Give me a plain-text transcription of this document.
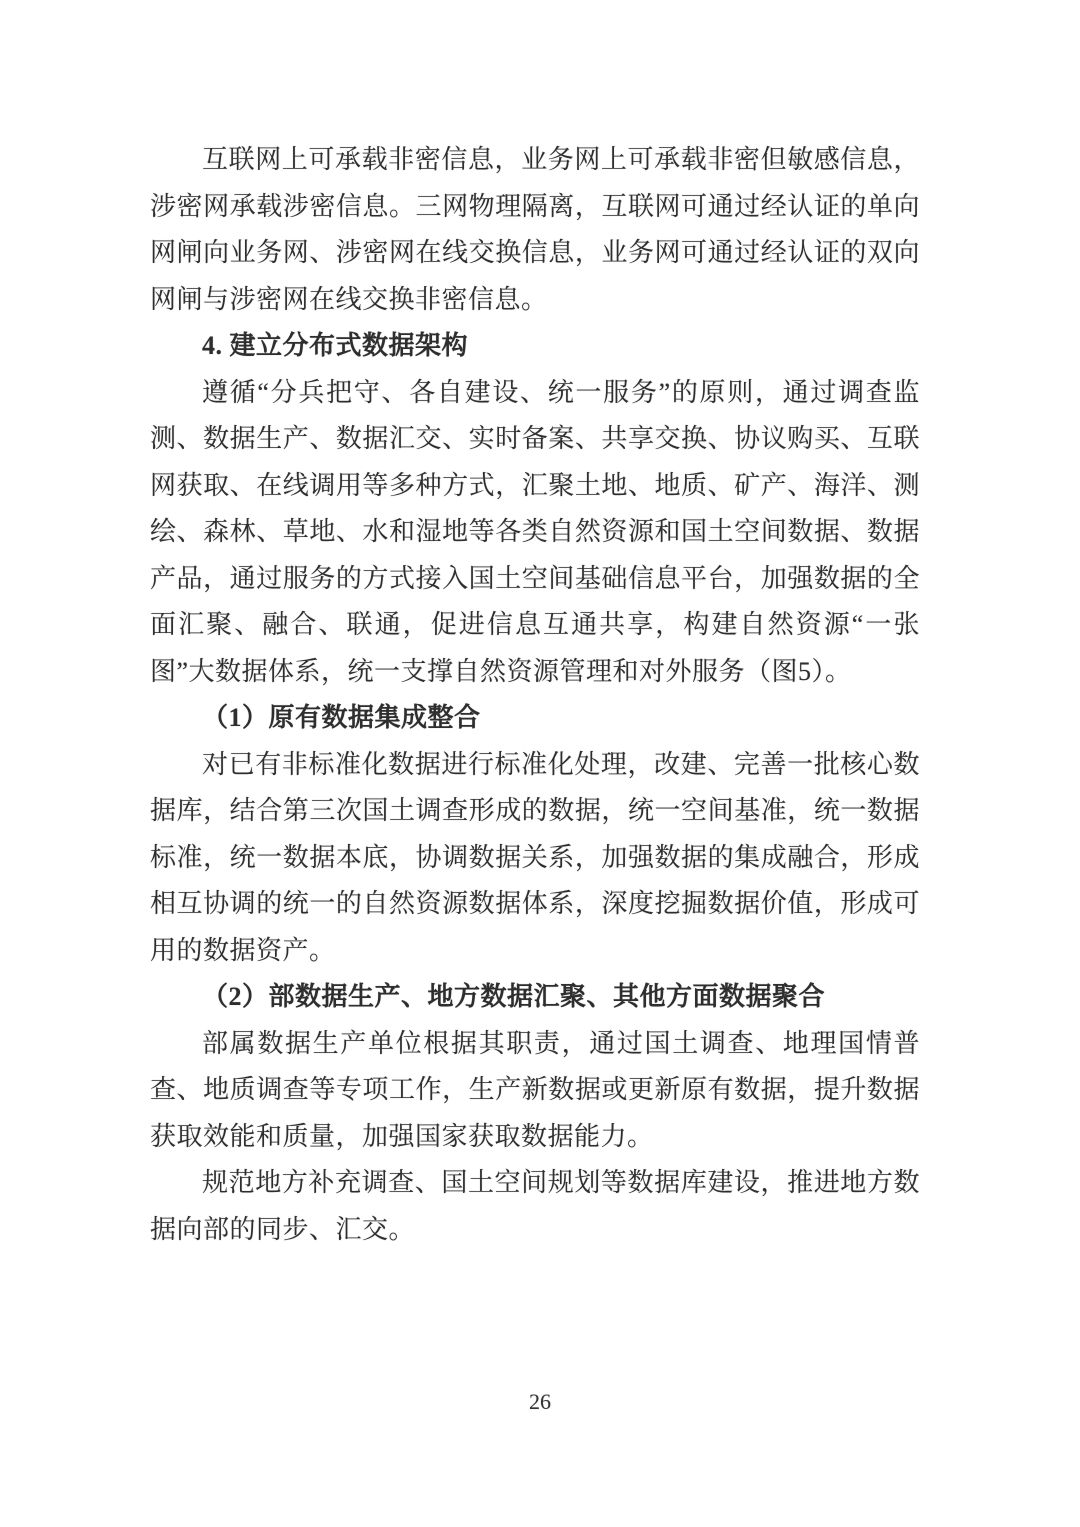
互联网上可承载非密信息，业务网上可承载非密但敏感信息，涉密网承载涉密信息。三网物理隔离，互联网可通过经认证的单向网闸向业务网、涉密网在线交换信息，业务网可通过经认证的双向网闸与涉密网在线交换非密信息。

4. 建立分布式数据架构

遵循“分兵把守、各自建设、统一服务”的原则，通过调查监测、数据生产、数据汇交、实时备案、共享交换、协议购买、互联网获取、在线调用等多种方式，汇聚土地、地质、矿产、海洋、测绘、森林、草地、水和湿地等各类自然资源和国土空间数据、数据产品，通过服务的方式接入国土空间基础信息平台，加强数据的全面汇聚、融合、联通，促进信息互通共享，构建自然资源“一张图”大数据体系，统一支撑自然资源管理和对外服务（图5）。

（1）原有数据集成整合

对已有非标准化数据进行标准化处理，改建、完善一批核心数据库，结合第三次国土调查形成的数据，统一空间基准，统一数据标准，统一数据本底，协调数据关系，加强数据的集成融合，形成相互协调的统一的自然资源数据体系，深度挖掘数据价值，形成可用的数据资产。

（2）部数据生产、地方数据汇聚、其他方面数据聚合

部属数据生产单位根据其职责，通过国土调查、地理国情普查、地质调查等专项工作，生产新数据或更新原有数据，提升数据获取效能和质量，加强国家获取数据能力。

规范地方补充调查、国土空间规划等数据库建设，推进地方数据向部的同步、汇交。

26
